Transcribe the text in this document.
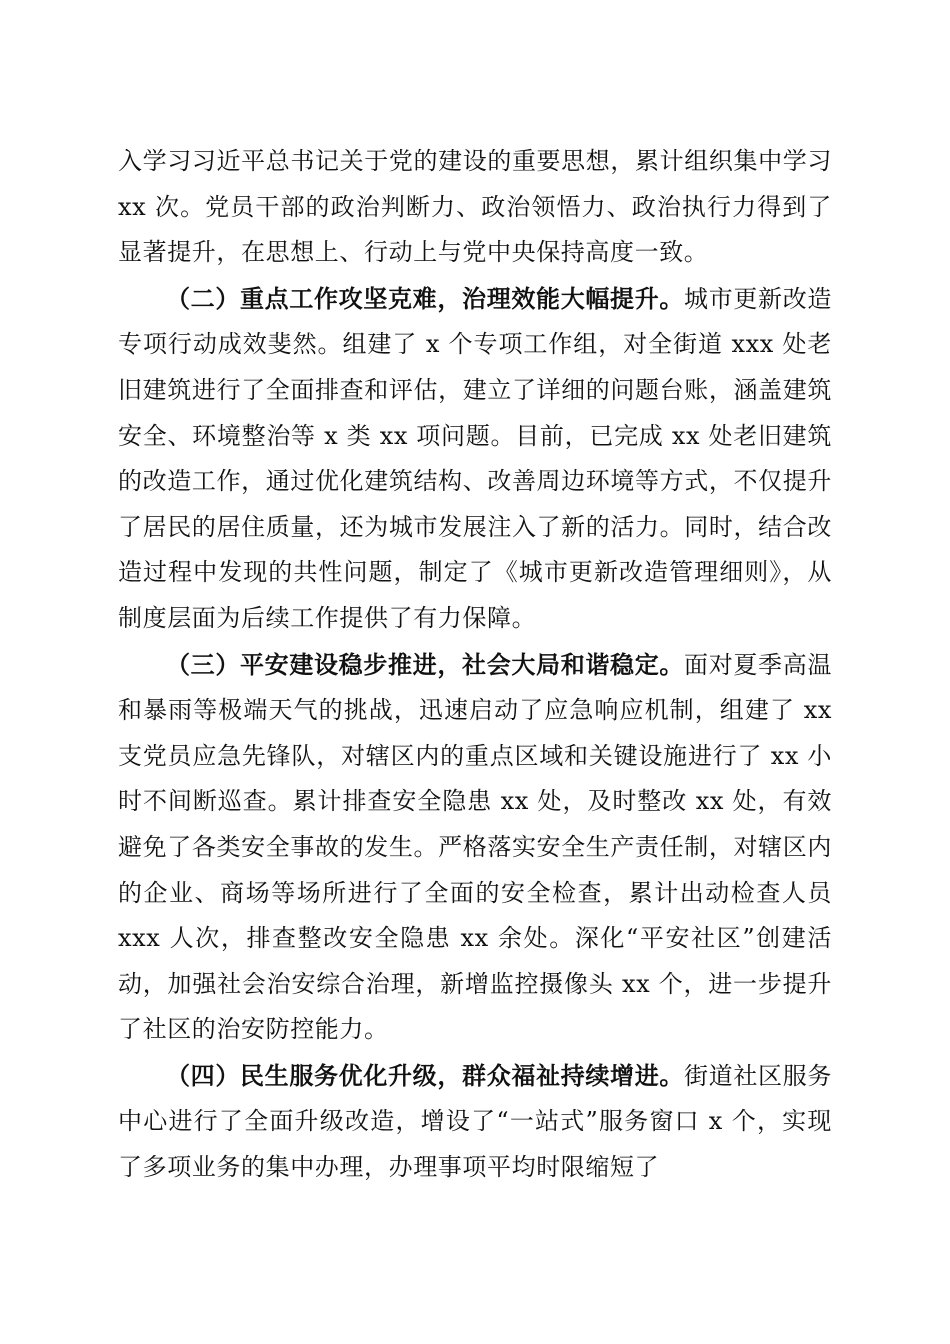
入学习习近平总书记关于党的建设的重要思想，累计组织集中学习 xx 次。党员干部的政治判断力、政治领悟力、政治执行力得到了显著提升，在思想上、行动上与党中央保持高度一致。

（二）重点工作攻坚克难，治理效能大幅提升。城市更新改造专项行动成效斐然。组建了 x 个专项工作组，对全街道 xxx 处老旧建筑进行了全面排查和评估，建立了详细的问题台账，涵盖建筑安全、环境整治等 x 类 xx 项问题。目前，已完成 xx 处老旧建筑的改造工作，通过优化建筑结构、改善周边环境等方式，不仅提升了居民的居住质量，还为城市发展注入了新的活力。同时，结合改造过程中发现的共性问题，制定了《城市更新改造管理细则》，从制度层面为后续工作提供了有力保障。

（三）平安建设稳步推进，社会大局和谐稳定。面对夏季高温和暴雨等极端天气的挑战，迅速启动了应急响应机制，组建了 xx 支党员应急先锋队，对辖区内的重点区域和关键设施进行了 xx 小时不间断巡查。累计排查安全隐患 xx 处，及时整改 xx 处，有效避免了各类安全事故的发生。严格落实安全生产责任制，对辖区内的企业、商场等场所进行了全面的安全检查，累计出动检查人员 xxx 人次，排查整改安全隐患 xx 余处。深化“平安社区”创建活动，加强社会治安综合治理，新增监控摄像头 xx 个，进一步提升了社区的治安防控能力。

（四）民生服务优化升级，群众福祉持续增进。街道社区服务中心进行了全面升级改造，增设了“一站式”服务窗口 x 个，实现了多项业务的集中办理，办理事项平均时限缩短了
